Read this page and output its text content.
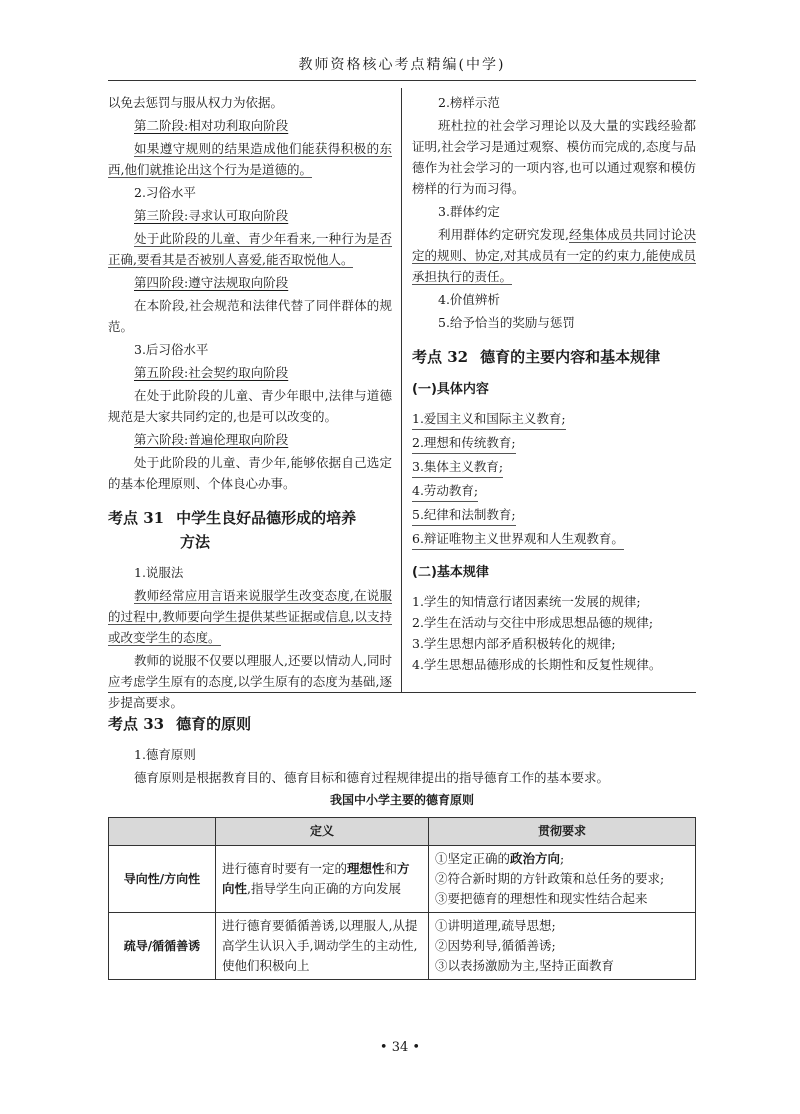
教师资格核心考点精编(中学)

以免去惩罚与服从权力为依据。

第二阶段:相对功利取向阶段

如果遵守规则的结果造成他们能获得积极的东西,他们就推论出这个行为是道德的。

2.习俗水平

第三阶段:寻求认可取向阶段

处于此阶段的儿童、青少年看来,一种行为是否正确,要看其是否被别人喜爱,能否取悦他人。

第四阶段:遵守法规取向阶段

在本阶段,社会规范和法律代替了同伴群体的规范。

3.后习俗水平

第五阶段:社会契约取向阶段

在处于此阶段的儿童、青少年眼中,法律与道德规范是大家共同约定的,也是可以改变的。

第六阶段:普遍伦理取向阶段

处于此阶段的儿童、青少年,能够依据自己选定的基本伦理原则、个体良心办事。

考点 31 中学生良好品德形成的培养
方法

1.说服法

教师经常应用言语来说服学生改变态度,在说服的过程中,教师要向学生提供某些证据或信息,以支持或改变学生的态度。

教师的说服不仅要以理服人,还要以情动人,同时应考虑学生原有的态度,以学生原有的态度为基础,逐步提高要求。

2.榜样示范

班杜拉的社会学习理论以及大量的实践经验都证明,社会学习是通过观察、模仿而完成的,态度与品德作为社会学习的一项内容,也可以通过观察和模仿榜样的行为而习得。

3.群体约定

利用群体约定研究发现,经集体成员共同讨论决定的规则、协定,对其成员有一定的约束力,能使成员承担执行的责任。

4.价值辨析

5.给予恰当的奖励与惩罚

考点 32 德育的主要内容和基本规律
(一)具体内容
1.爱国主义和国际主义教育;
2.理想和传统教育;
3.集体主义教育;
4.劳动教育;
5.纪律和法制教育;
6.辩证唯物主义世界观和人生观教育。
(二)基本规律
1.学生的知情意行诸因素统一发展的规律;
2.学生在活动与交往中形成思想品德的规律;
3.学生思想内部矛盾积极转化的规律;
4.学生思想品德形成的长期性和反复性规律。
考点 33 德育的原则

1.德育原则

德育原则是根据教育目的、德育目标和德育过程规律提出的指导德育工作的基本要求。

我国中小学主要的德育原则
	定义	贯彻要求
导向性/方向性	进行德育时要有一定的理想性和方向性,指导学生向正确的方向发展	①坚定正确的政治方向;
②符合新时期的方针政策和总任务的要求;
③要把德育的理想性和现实性结合起来

疏导/循循善诱	进行德育要循循善诱,以理服人,从提高学生认识入手,调动学生的主动性,使他们积极向上	①讲明道理,疏导思想;
②因势利导,循循善诱;
③以表扬激励为主,坚持正面教育
• 34 •
